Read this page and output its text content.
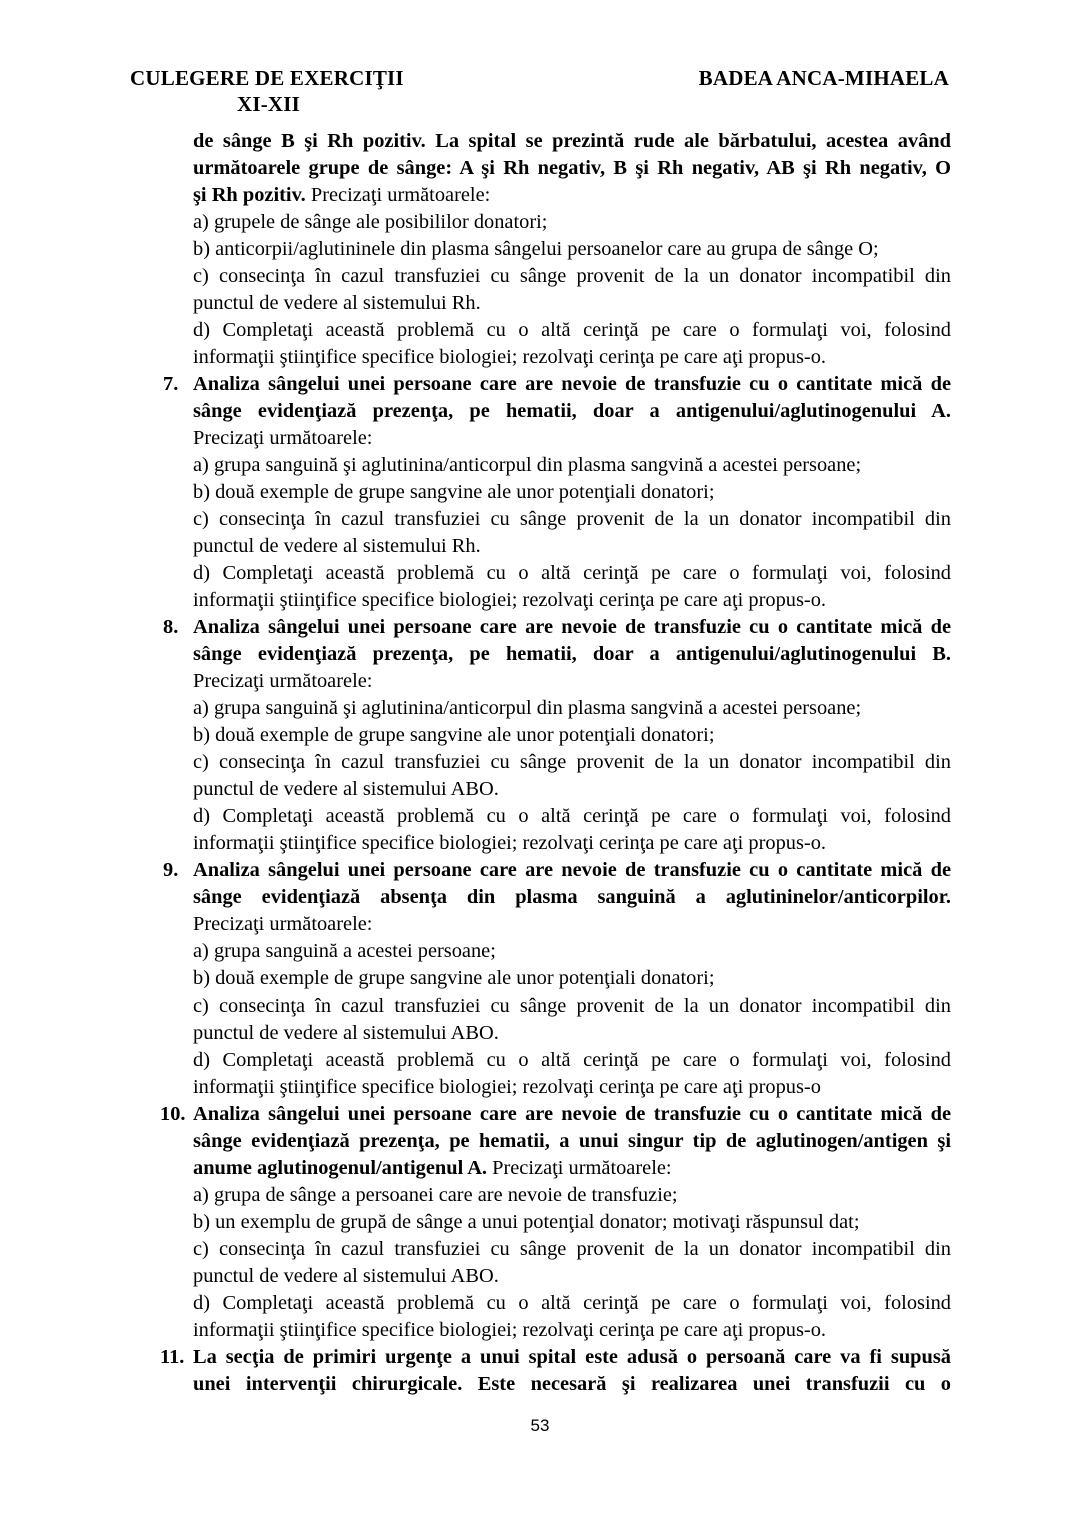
CULEGERE DE EXERCIŢII
XI-XII
BADEA ANCA-MIHAELA
de sânge B şi Rh pozitiv. La spital se prezintă rude ale bărbatului, acestea având
următoarele grupe de sânge: A şi Rh negativ, B şi Rh negativ, AB şi Rh negativ, O
şi Rh pozitiv. Precizaţi următoarele:
a) grupele de sânge ale posibililor donatori;
b) anticorpii/aglutininele din plasma sângelui persoanelor care au grupa de sânge O;
c) consecinţa în cazul transfuziei cu sânge provenit de la un donator incompatibil din
punctul de vedere al sistemului Rh.
d) Completaţi această problemă cu o altă cerinţă pe care o formulaţi voi, folosind
informaţii ştiinţifice specifice biologiei; rezolvaţi cerinţa pe care aţi propus-o.
7. Analiza sângelui unei persoane care are nevoie de transfuzie cu o cantitate mică de
sânge evidenţiază prezenţa, pe hematii, doar a antigenului/aglutinogenului A.
Precizaţi următoarele:
a) grupa sanguină şi aglutinina/anticorpul din plasma sangvină a acestei persoane;
b) două exemple de grupe sangvine ale unor potenţiali donatori;
c) consecinţa în cazul transfuziei cu sânge provenit de la un donator incompatibil din
punctul de vedere al sistemului Rh.
d) Completaţi această problemă cu o altă cerinţă pe care o formulaţi voi, folosind
informaţii ştiinţifice specifice biologiei; rezolvaţi cerinţa pe care aţi propus-o.
8. Analiza sângelui unei persoane care are nevoie de transfuzie cu o cantitate mică de
sânge evidenţiază prezenţa, pe hematii, doar a antigenului/aglutinogenului B.
Precizaţi următoarele:
a) grupa sanguină şi aglutinina/anticorpul din plasma sangvină a acestei persoane;
b) două exemple de grupe sangvine ale unor potenţiali donatori;
c) consecinţa în cazul transfuziei cu sânge provenit de la un donator incompatibil din
punctul de vedere al sistemului ABO.
d) Completaţi această problemă cu o altă cerinţă pe care o formulaţi voi, folosind
informaţii ştiinţifice specifice biologiei; rezolvaţi cerinţa pe care aţi propus-o.
9. Analiza sângelui unei persoane care are nevoie de transfuzie cu o cantitate mică de
sânge evidenţiază absenţa din plasma sanguină a aglutininelor/anticorpilor.
Precizaţi următoarele:
a) grupa sanguină a acestei persoane;
b) două exemple de grupe sangvine ale unor potenţiali donatori;
c) consecinţa în cazul transfuziei cu sânge provenit de la un donator incompatibil din
punctul de vedere al sistemului ABO.
d) Completaţi această problemă cu o altă cerinţă pe care o formulaţi voi, folosind
informaţii ştiinţifice specifice biologiei; rezolvaţi cerinţa pe care aţi propus-o
10. Analiza sângelui unei persoane care are nevoie de transfuzie cu o cantitate mică de
sânge evidenţiază prezenţa, pe hematii, a unui singur tip de aglutinogen/antigen şi
anume aglutinogenul/antigenul A. Precizaţi următoarele:
a) grupa de sânge a persoanei care are nevoie de transfuzie;
b) un exemplu de grupă de sânge a unui potenţial donator; motivaţi răspunsul dat;
c) consecinţa în cazul transfuziei cu sânge provenit de la un donator incompatibil din
punctul de vedere al sistemului ABO.
d) Completaţi această problemă cu o altă cerinţă pe care o formulaţi voi, folosind
informaţii ştiinţifice specifice biologiei; rezolvaţi cerinţa pe care aţi propus-o.
11. La secţia de primiri urgenţe a unui spital este adusă o persoană care va fi supusă
unei intervenţii chirurgicale. Este necesară şi realizarea unei transfuzii cu o
53
